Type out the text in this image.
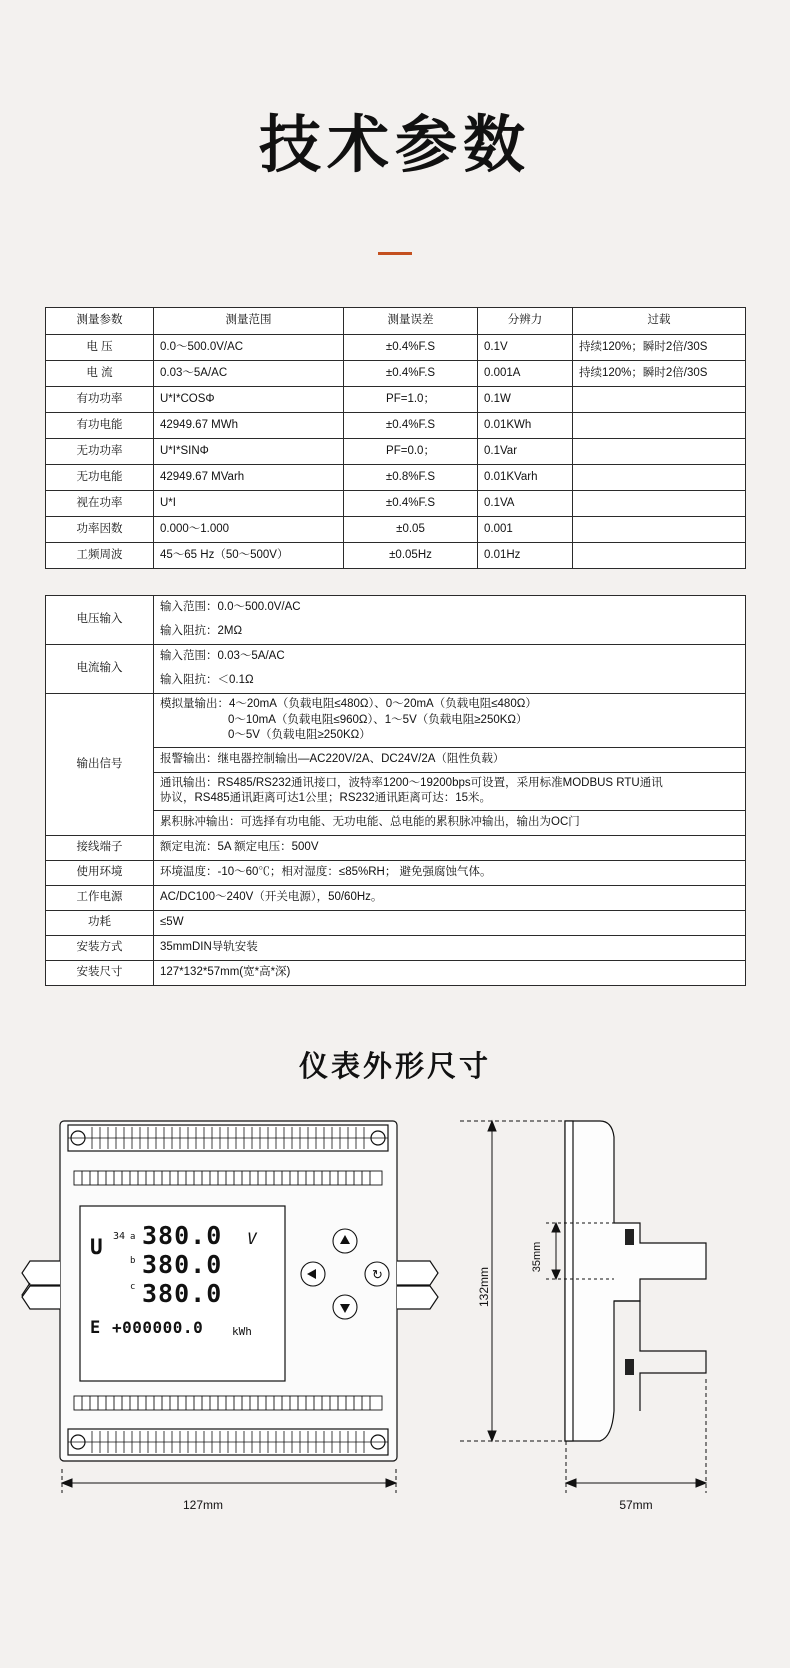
技术参数
测量参数	测量范围	测量误差	分辨力	过载
电 压	0.0～500.0V/AC	±0.4%F.S	0.1V	持续120%；瞬时2倍/30S
电 流	0.03～5A/AC	±0.4%F.S	0.001A	持续120%；瞬时2倍/30S
有功功率	U*I*COSΦ	PF=1.0；	0.1W	
有功电能	42949.67 MWh	±0.4%F.S	0.01KWh	
无功功率	U*I*SINΦ	PF=0.0；	0.1Var	
无功电能	42949.67 MVarh	±0.8%F.S	0.01KVarh	
视在功率	U*I	±0.4%F.S	0.1VA	
功率因数	0.000～1.000	±0.05	0.001	
工频周波	45～65 Hz（50～500V）	±0.05Hz	0.01Hz	
电压输入	输入范围：0.0～500.0V/AC
	输入阻抗：2MΩ
电流输入	输入范围：0.03～5A/AC
	输入阻抗：＜0.1Ω
输出信号	模拟量输出：4～20mA（负载电阻≤480Ω）、0～20mA（负载电阻≤480Ω）
0～10mA（负载电阻≤960Ω）、1～5V（负载电阻≥250KΩ）
0～5V（负载电阻≥250KΩ）

	报警输出：继电器控制输出—AC220V/2A、DC24V/2A（阻性负载）

	通讯输出：RS485/RS232通讯接口，波特率1200～19200bps可设置，采用标准MODBUS RTU通讯
协议，RS485通讯距离可达1公里；RS232通讯距离可达：15米。

	累积脉冲输出：可选择有功电能、无功电能、总电能的累积脉冲输出，输出为OC门
接线端子	额定电流：5A 额定电压：500V
使用环境	环境温度：-10～60℃；相对湿度：≤85%RH； 避免强腐蚀气体。
工作电源	AC/DC100～240V（开关电源），50/60Hz。
功耗	≤5W
安装方式	35mmDIN导轨安装
安装尺寸	127*132*57mm(宽*高*深)
仪表外形尺寸
34 a
U
b
c
380.0
380.0
380.0
V
E +000000.0	kWh
↻
127mm
132mm
35mm
57mm
